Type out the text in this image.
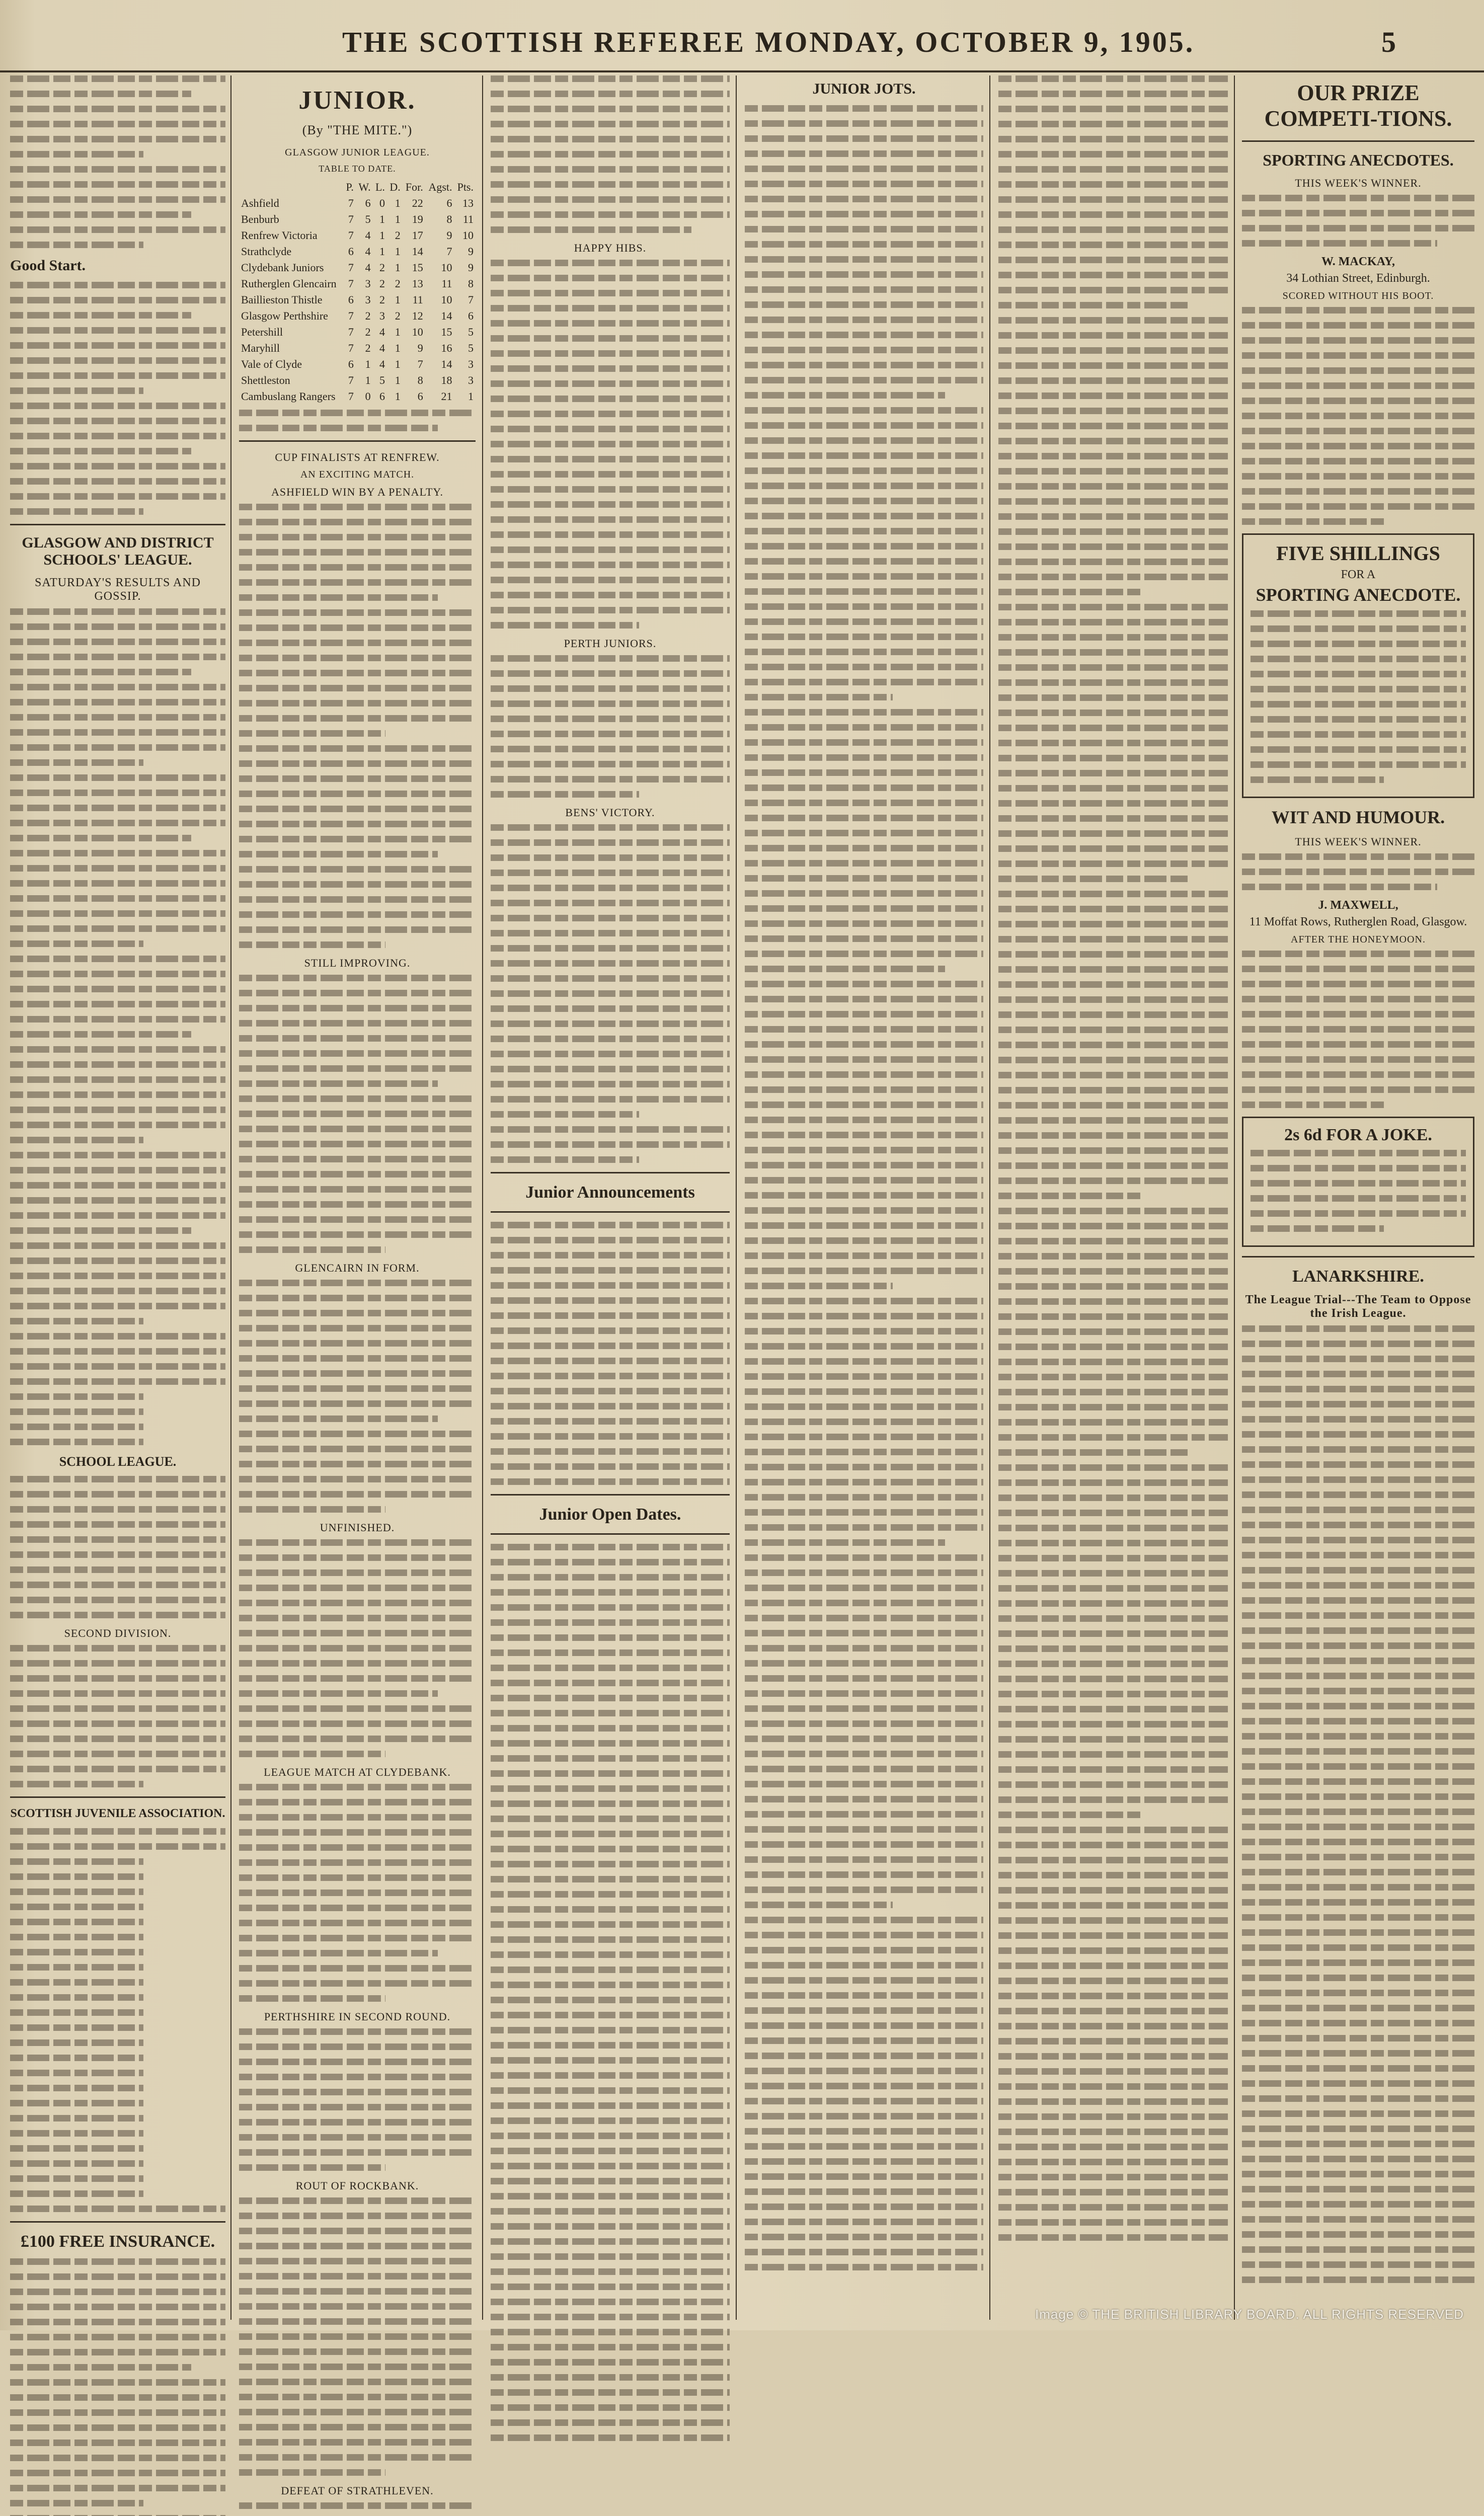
THE SCOTTISH REFEREE MONDAY, OCTOBER 9, 1905.	5
Good Start.
GLASGOW AND DISTRICT SCHOOLS' LEAGUE.
SATURDAY'S RESULTS AND GOSSIP.
SCHOOL LEAGUE.
SECOND DIVISION.
SCOTTISH JUVENILE ASSOCIATION.
£100 FREE INSURANCE.
JUNIOR.
(By "THE MITE.")
GLASGOW JUNIOR LEAGUE.
TABLE TO DATE.
	P.	W.	L.	D.	For.	Agst.	Pts.
Ashfield	7	6	0	1	22	6	13
Benburb	7	5	1	1	19	8	11
Renfrew Victoria	7	4	1	2	17	9	10
Strathclyde	6	4	1	1	14	7	9
Clydebank Juniors	7	4	2	1	15	10	9
Rutherglen Glencairn	7	3	2	2	13	11	8
Baillieston Thistle	6	3	2	1	11	10	7
Glasgow Perthshire	7	2	3	2	12	14	6
Petershill	7	2	4	1	10	15	5
Maryhill	7	2	4	1	9	16	5
Vale of Clyde	6	1	4	1	7	14	3
Shettleston	7	1	5	1	8	18	3
Cambuslang Rangers	7	0	6	1	6	21	1
CUP FINALISTS AT RENFREW.
AN EXCITING MATCH.
ASHFIELD WIN BY A PENALTY.
STILL IMPROVING.
GLENCAIRN IN FORM.
UNFINISHED.
LEAGUE MATCH AT CLYDEBANK.
PERTHSHIRE IN SECOND ROUND.
ROUT OF ROCKBANK.
DEFEAT OF STRATHLEVEN.
HAPPY HIBS.
PERTH JUNIORS.
BENS' VICTORY.
Junior Announcements
Junior Open Dates.
JUNIOR JOTS.	OUR PRIZE COMPETI-TIONS.
SPORTING ANECDOTES.
THIS WEEK'S WINNER.
W. MACKAY,
34 Lothian Street, Edinburgh.
SCORED WITHOUT HIS BOOT.
FIVE SHILLINGS
FOR A
SPORTING ANECDOTE.
WIT AND HUMOUR.
THIS WEEK'S WINNER.
J. MAXWELL,
11 Moffat Rows, Rutherglen Road, Glasgow.
AFTER THE HONEYMOON.
2s 6d FOR A JOKE.
LANARKSHIRE.
The League Trial---The Team to Oppose the Irish League.
Image © THE BRITISH LIBRARY BOARD. ALL RIGHTS RESERVED
